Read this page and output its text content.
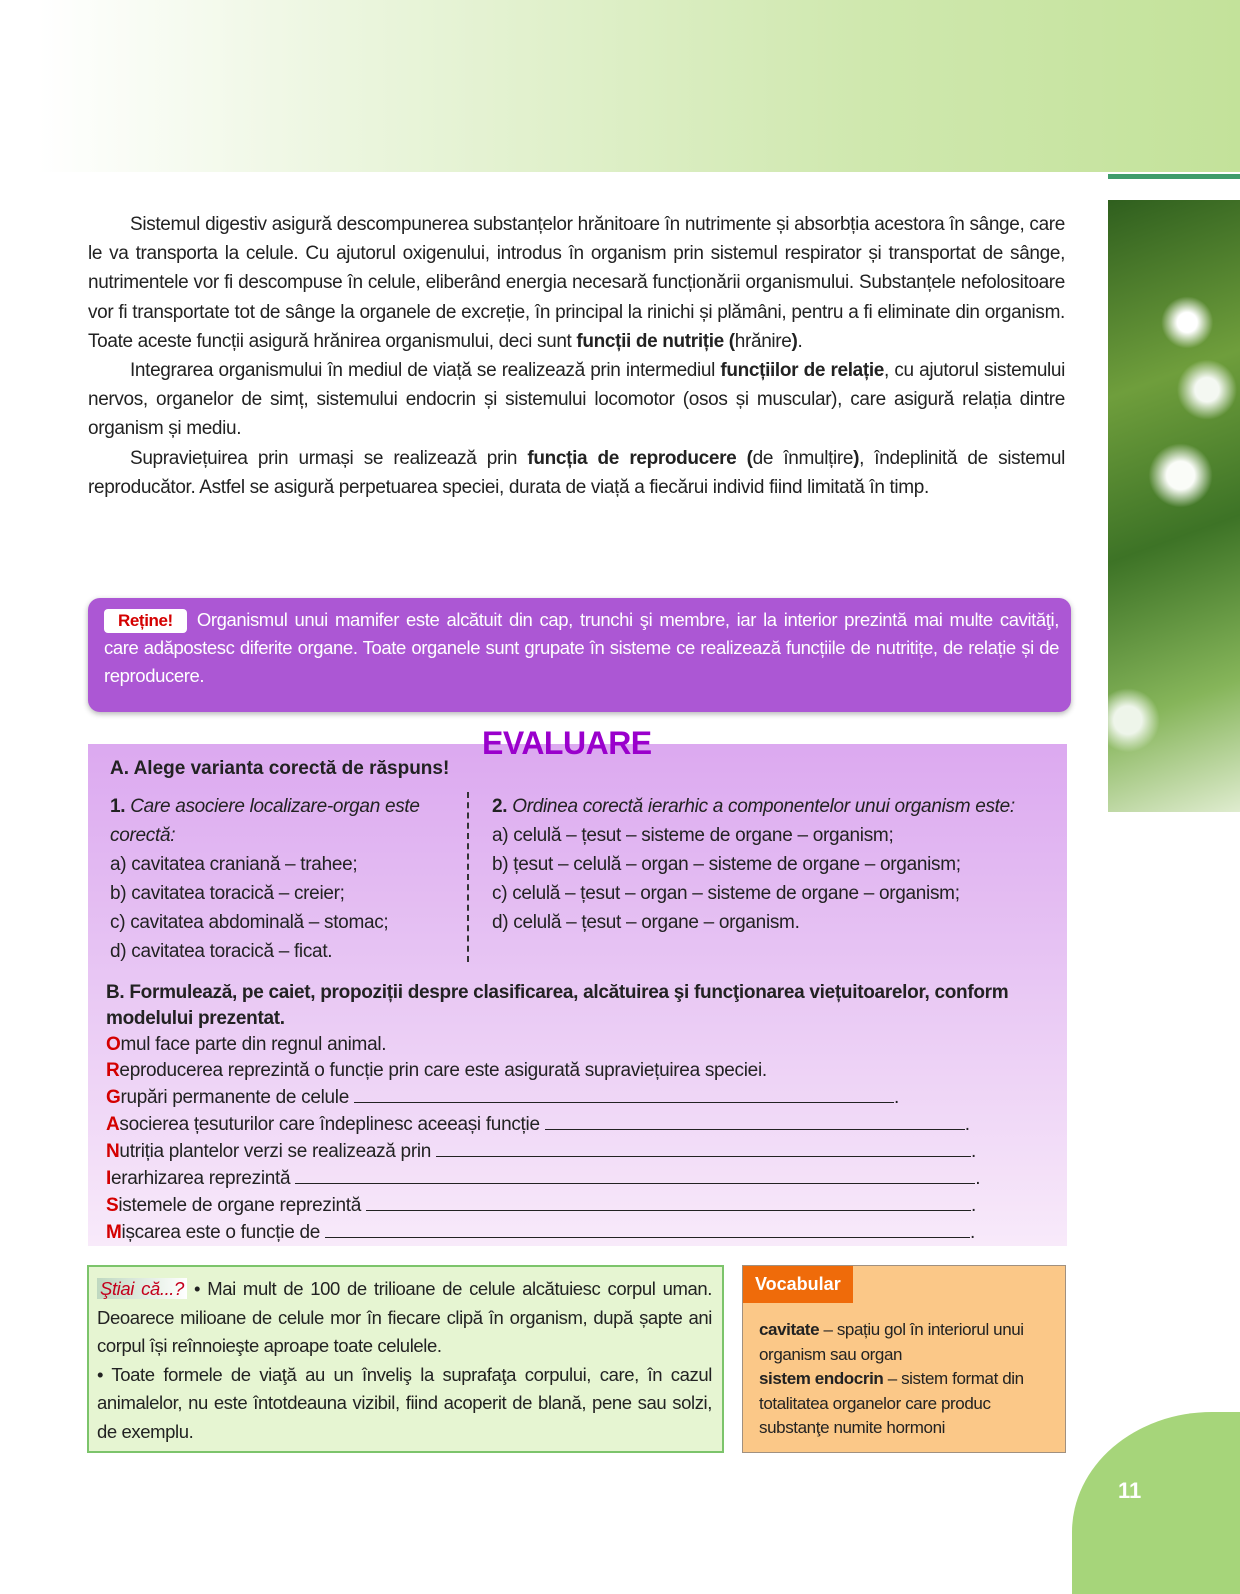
Sistemul digestiv asigură descompunerea substanțelor hrănitoare în nutrimente și absorbția acestora în sânge, care le va transporta la celule. Cu ajutorul oxigenului, introdus în organism prin sistemul respirator și transportat de sânge, nutrimentele vor fi descompuse în celule, eliberând energia necesară funcționării organismului. Substanțele nefolositoare vor fi transportate tot de sânge la organele de excreție, în principal la rinichi și plămâni, pentru a fi eliminate din organism. Toate aceste funcții asigură hrănirea organismului, deci sunt funcții de nutriție (hrănire).

Integrarea organismului în mediul de viață se realizează prin intermediul funcțiilor de relație, cu ajutorul sistemului nervos, organelor de simț, sistemului endocrin și sistemului locomotor (osos și muscular), care asigură relația dintre organism și mediu.

Supraviețuirea prin urmași se realizează prin funcția de reproducere (de înmulțire), îndeplinită de sistemul reproducător. Astfel se asigură perpetuarea speciei, durata de viață a fiecărui individ fiind limitată în timp.

Reține! Organismul unui mamifer este alcătuit din cap, trunchi şi membre, iar la interior prezintă mai multe cavităţi, care adăpostesc diferite organe. Toate organele sunt grupate în sisteme ce realizează funcțiile de nutritițe, de relație și de reproducere.
A. Alege varianta corectă de răspuns!
1. Care asociere localizare-organ este corectă:
a) cavitatea craniană – trahee;
b) cavitatea toracică – creier;
c) cavitatea abdominală – stomac;
d) cavitatea toracică – ficat.
2. Ordinea corectă ierarhic a componentelor unui organism este:
a) celulă – țesut – sisteme de organe – organism;
b) țesut – celulă – organ – sisteme de organe – organism;
c) celulă – țesut – organ – sisteme de organe – organism;
d) celulă – țesut – organe – organism.
B. Formulează, pe caiet, propoziții despre clasificarea, alcătuirea şi funcţionarea viețuitoarelor, conform modelului prezentat.
Omul face parte din regnul animal.
Reproducerea reprezintă o funcție prin care este asigurată supraviețuirea speciei.
Grupări permanente de celule	.
Asocierea țesuturilor care îndeplinesc aceeași funcție	.
Nutriția plantelor verzi se realizează prin	.
Ierarhizarea reprezintă	.
Sistemele de organe reprezintă	.
Mișcarea este o funcție de	.
EVALUARE
Ştiai că...? • Mai mult de 100 de trilioane de celule alcătuiesc corpul uman. Deoarece milioane de celule mor în fiecare clipă în organism, după șapte ani corpul își reînnoieşte aproape toate celulele.
• Toate formele de viaţă au un înveliş la suprafaţa corpului, care, în cazul animalelor, nu este întotdeauna vizibil, fiind acoperit de blană, pene sau solzi, de exemplu.
Vocabular
cavitate – spațiu gol în interiorul unui organism sau organ
sistem endocrin – sistem format din totalitatea organelor care produc substanţe numite hormoni
11
